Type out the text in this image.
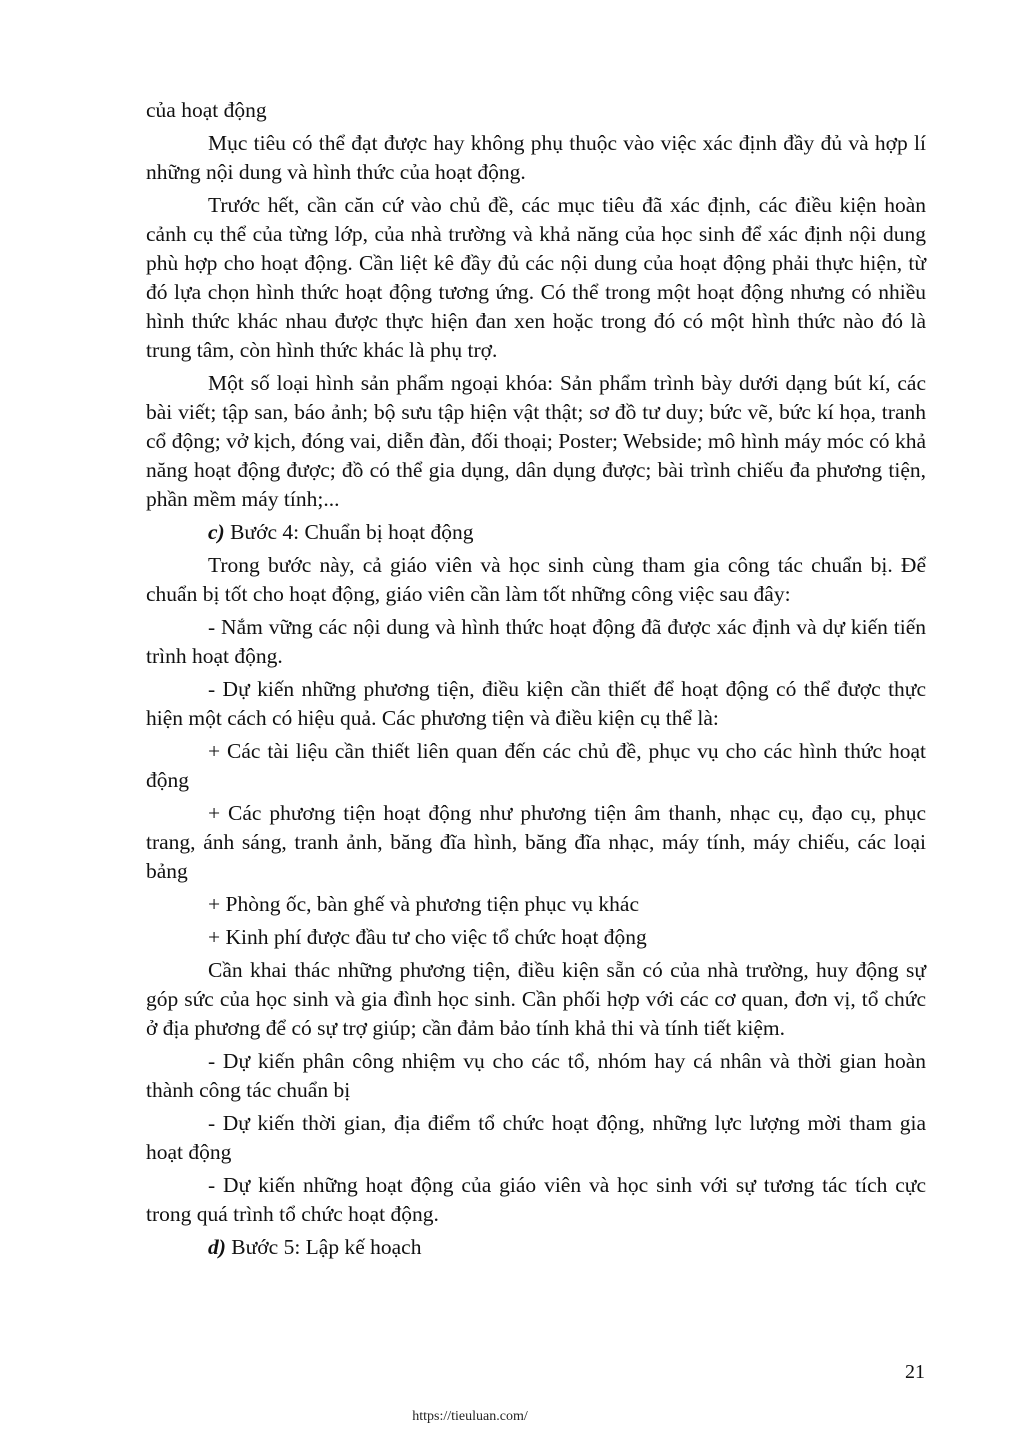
của hoạt động

Mục tiêu có thể đạt được hay không phụ thuộc vào việc xác định đầy đủ và hợp lí những nội dung và hình thức của hoạt động.

Trước hết, cần căn cứ vào chủ đề, các mục tiêu đã xác định, các điều kiện hoàn cảnh cụ thể của từng lớp, của nhà trường và khả năng của học sinh để xác định nội dung phù hợp cho hoạt động. Cần liệt kê đầy đủ các nội dung của hoạt động phải thực hiện, từ đó lựa chọn hình thức hoạt động tương ứng. Có thể trong một hoạt động nhưng có nhiều hình thức khác nhau được thực hiện đan xen hoặc trong đó có một hình thức nào đó là trung tâm, còn hình thức khác là phụ trợ.

Một số loại hình sản phẩm ngoại khóa: Sản phẩm trình bày dưới dạng bút kí, các bài viết; tập san, báo ảnh; bộ sưu tập hiện vật thật; sơ đồ tư duy; bức vẽ, bức kí họa, tranh cổ động; vở kịch, đóng vai, diễn đàn, đối thoại; Poster; Webside; mô hình máy móc có khả năng hoạt động được; đồ có thể gia dụng, dân dụng được; bài trình chiếu đa phương tiện, phần mềm máy tính;...

c) Bước 4: Chuẩn bị hoạt động

Trong bước này, cả giáo viên và học sinh cùng tham gia công tác chuẩn bị. Để chuẩn bị tốt cho hoạt động, giáo viên cần làm tốt những công việc sau đây:

- Nắm vững các nội dung và hình thức hoạt động đã được xác định và dự kiến tiến trình hoạt động.

- Dự kiến những phương tiện, điều kiện cần thiết để hoạt động có thể được thực hiện một cách có hiệu quả. Các phương tiện và điều kiện cụ thể là:

+ Các tài liệu cần thiết liên quan đến các chủ đề, phục vụ cho các hình thức hoạt động

+ Các phương tiện hoạt động như phương tiện âm thanh, nhạc cụ, đạo cụ, phục trang, ánh sáng, tranh ảnh, băng đĩa hình, băng đĩa nhạc, máy tính, máy chiếu, các loại bảng

+ Phòng ốc, bàn ghế và phương tiện phục vụ khác

+ Kinh phí được đầu tư cho việc tổ chức hoạt động

Cần khai thác những phương tiện, điều kiện sẵn có của nhà trường, huy động sự góp sức của học sinh và gia đình học sinh. Cần phối hợp với các cơ quan, đơn vị, tổ chức ở địa phương để có sự trợ giúp; cần đảm bảo tính khả thi và tính tiết kiệm.

- Dự kiến phân công nhiệm vụ cho các tổ, nhóm hay cá nhân và thời gian hoàn thành công tác chuẩn bị

- Dự kiến thời gian, địa điểm tổ chức hoạt động, những lực lượng mời tham gia hoạt động

- Dự kiến những hoạt động của giáo viên và học sinh với sự tương tác tích cực trong quá trình tổ chức hoạt động.

d) Bước 5: Lập kế hoạch

21
https://tieuluan.com/
